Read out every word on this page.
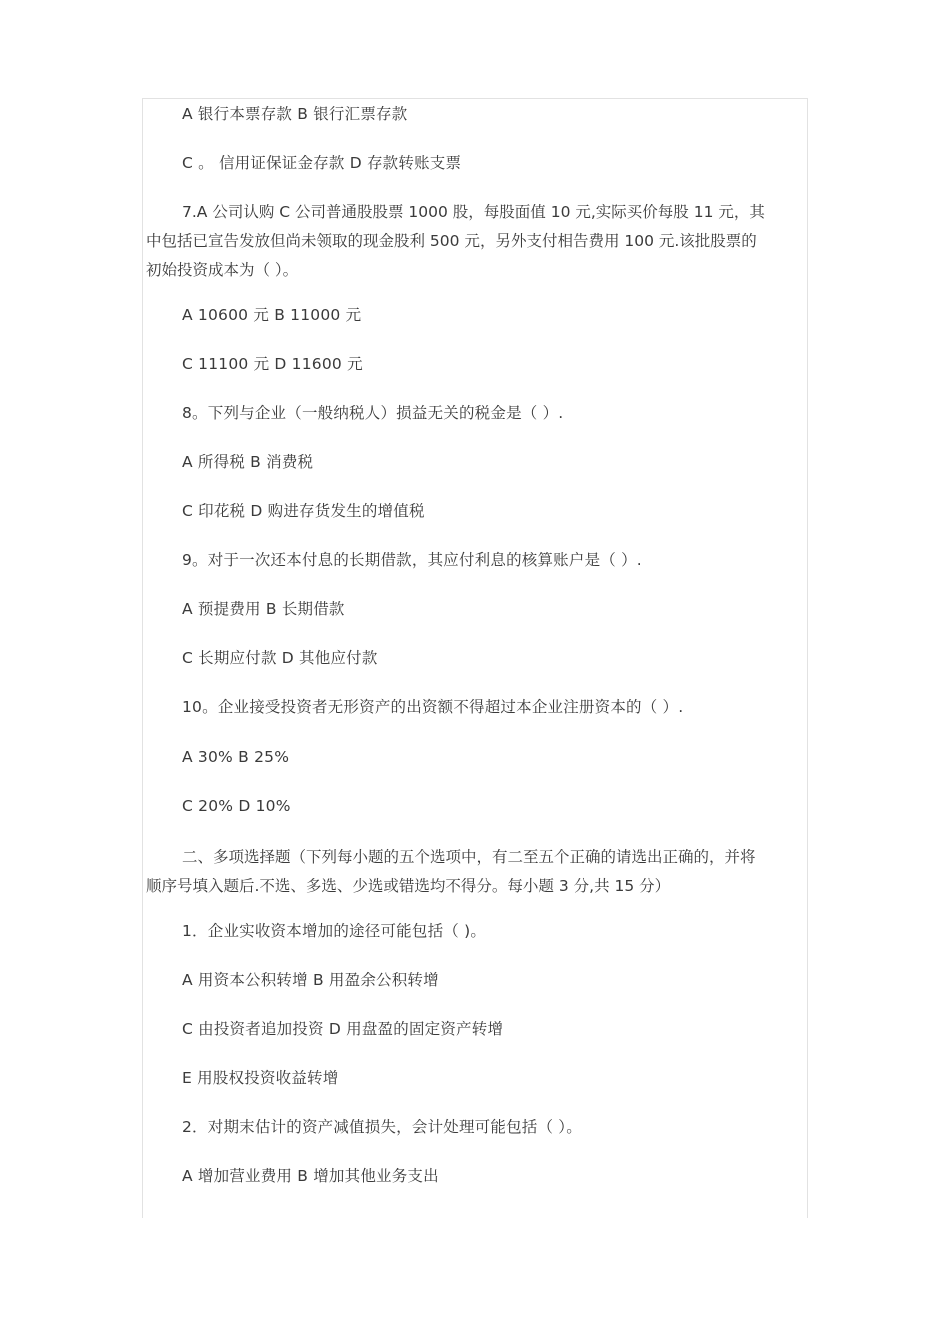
A 银行本票存款 B 银行汇票存款
C 。 信用证保证金存款 D 存款转账支票
7.A 公司认购 C 公司普通股股票 1000 股，每股面值 10 元,实际买价每股 11 元，其
中包括已宣告发放但尚未领取的现金股利 500 元，另外支付相告费用 100 元.该批股票的
初始投资成本为（ ）。
A 10600 元 B 11000 元
C 11100 元 D 11600 元
8。下列与企业（一般纳税人）损益无关的税金是（ ）.
A 所得税 B 消费税
C 印花税 D 购进存货发生的增值税
9。对于一次还本付息的长期借款，其应付利息的核算账户是（ ）.
A 预提费用 B 长期借款
C 长期应付款 D 其他应付款
10。企业接受投资者无形资产的出资额不得超过本企业注册资本的（ ）.
A 30% B 25%
C 20% D 10%
二、多项选择题（下列每小题的五个选项中，有二至五个正确的请选出正确的，并将
顺序号填入题后.不选、多选、少选或错选均不得分。每小题 3 分,共 15 分）
1．企业实收资本增加的途径可能包括（ )。
A 用资本公积转增 B 用盈余公积转增
C 由投资者追加投资 D 用盘盈的固定资产转增
E 用股权投资收益转增
2．对期末估计的资产减值损失，会计处理可能包括（ ）。
A 增加营业费用 B 增加其他业务支出
